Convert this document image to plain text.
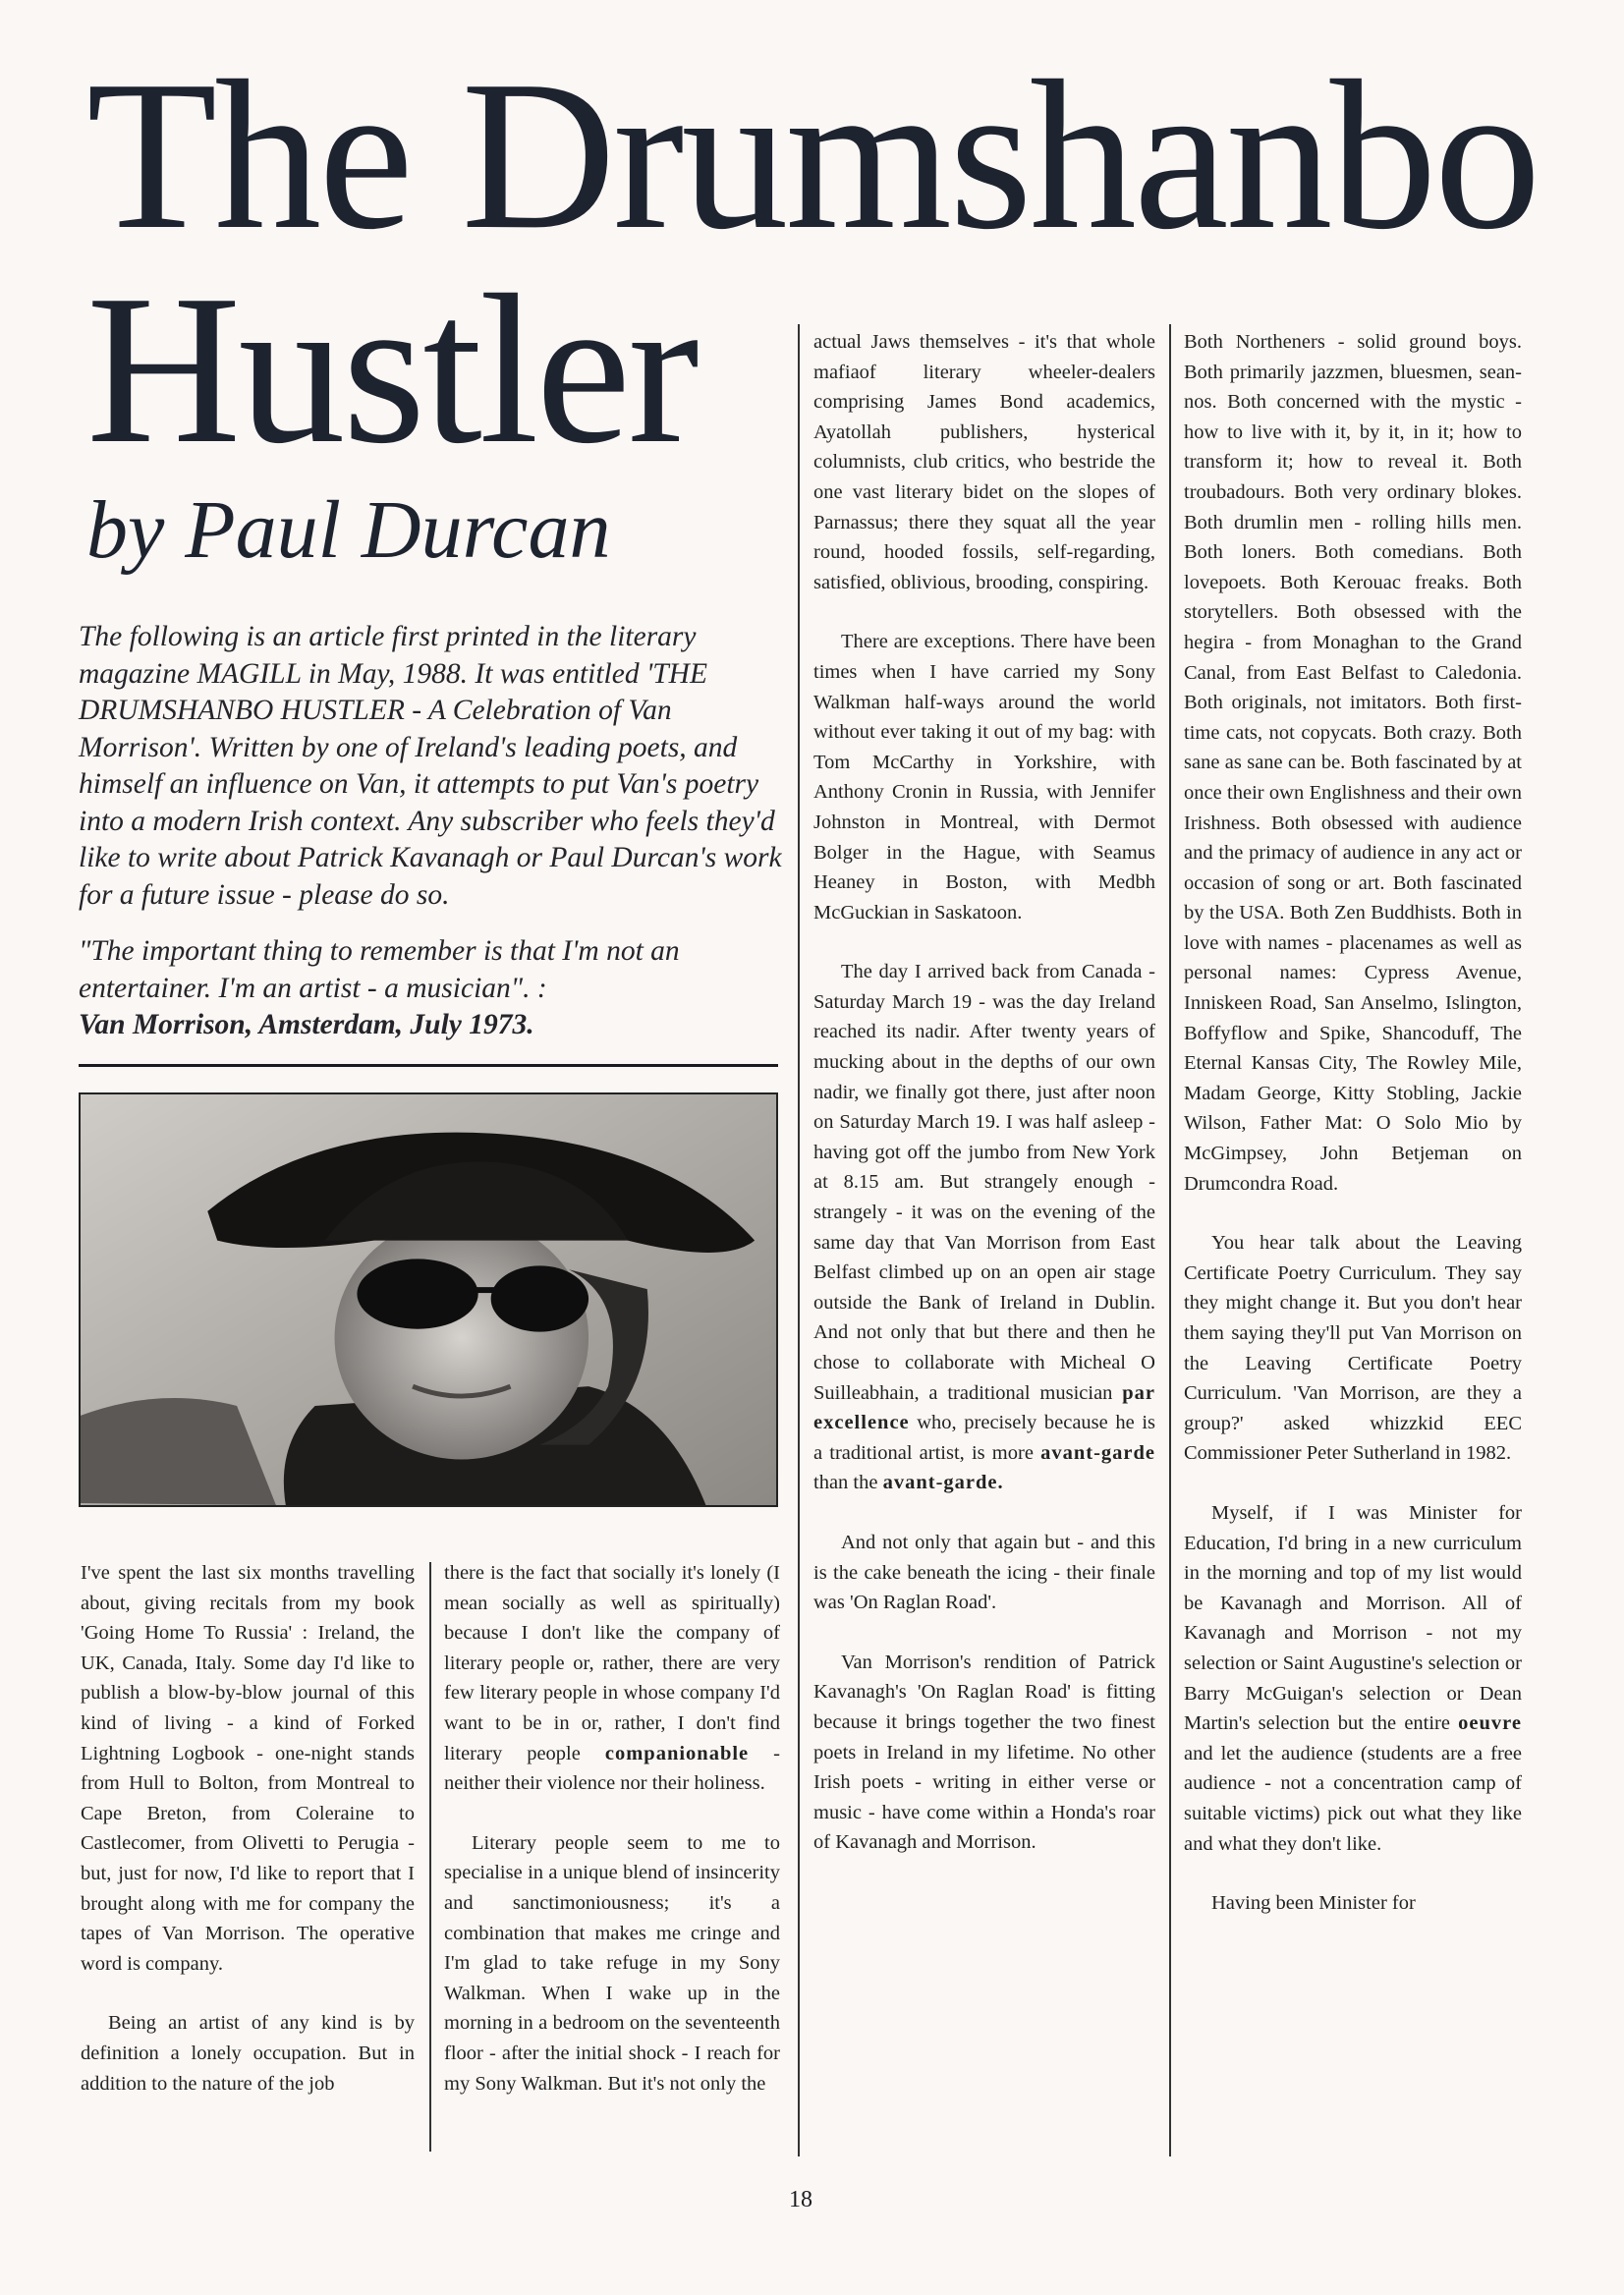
The Drumshanbo
Hustler
by Paul Durcan

The following is an article first printed in the literary magazine MAGILL in May, 1988. It was entitled 'THE DRUMSHANBO HUSTLER - A Celebration of Van Morrison'. Written by one of Ireland's leading poets, and himself an influence on Van, it attempts to put Van's poetry into a modern Irish context. Any subscriber who feels they'd like to write about Patrick Kavanagh or Paul Durcan's work for a future issue - please do so.

"The important thing to remember is that I'm not an entertainer. I'm an artist - a musician". :
Van Morrison, Amsterdam, July 1973.

I've spent the last six months travelling about, giving recitals from my book 'Going Home To Russia' : Ireland, the UK, Canada, Italy. Some day I'd like to publish a blow-by-blow journal of this kind of living - a kind of Forked Lightning Logbook - one-night stands from Hull to Bolton, from Montreal to Cape Breton, from Coleraine to Castlecomer, from Olivetti to Perugia - but, just for now, I'd like to report that I brought along with me for company the tapes of Van Morrison. The operative word is company.

Being an artist of any kind is by definition a lonely occupation. But in addition to the nature of the job

there is the fact that socially it's lonely (I mean socially as well as spiritually) because I don't like the company of literary people or, rather, there are very few literary people in whose company I'd want to be in or, rather, I don't find literary people companionable - neither their violence nor their holiness.

Literary people seem to me to specialise in a unique blend of insincerity and sanctimoniousness; it's a combination that makes me cringe and I'm glad to take refuge in my Sony Walkman. When I wake up in the morning in a bedroom on the seventeenth floor - after the initial shock - I reach for my Sony Walkman. But it's not only the

actual Jaws themselves - it's that whole mafiaof literary wheeler-dealers comprising James Bond academics, Ayatollah publishers, hysterical columnists, club critics, who bestride the one vast literary bidet on the slopes of Parnassus; there they squat all the year round, hooded fossils, self-regarding, satisfied, oblivious, brooding, conspiring.

There are exceptions. There have been times when I have carried my Sony Walkman half-ways around the world without ever taking it out of my bag: with Tom McCarthy in Yorkshire, with Anthony Cronin in Russia, with Jennifer Johnston in Montreal, with Dermot Bolger in the Hague, with Seamus Heaney in Boston, with Medbh McGuckian in Saskatoon.

The day I arrived back from Canada - Saturday March 19 - was the day Ireland reached its nadir. After twenty years of mucking about in the depths of our own nadir, we finally got there, just after noon on Saturday March 19. I was half asleep - having got off the jumbo from New York at 8.15 am. But strangely enough - strangely - it was on the evening of the same day that Van Morrison from East Belfast climbed up on an open air stage outside the Bank of Ireland in Dublin. And not only that but there and then he chose to collaborate with Micheal O Suilleabhain, a traditional musician par excellence who, precisely because he is a traditional artist, is more avant-garde than the avant-garde.

And not only that again but - and this is the cake beneath the icing - their finale was 'On Raglan Road'.

Van Morrison's rendition of Patrick Kavanagh's 'On Raglan Road' is fitting because it brings together the two finest poets in Ireland in my lifetime. No other Irish poets - writing in either verse or music - have come within a Honda's roar of Kavanagh and Morrison.

Both Northeners - solid ground boys. Both primarily jazzmen, bluesmen, sean-nos. Both concerned with the mystic - how to live with it, by it, in it; how to transform it; how to reveal it. Both troubadours. Both very ordinary blokes. Both drumlin men - rolling hills men. Both loners. Both comedians. Both lovepoets. Both Kerouac freaks. Both storytellers. Both obsessed with the hegira - from Monaghan to the Grand Canal, from East Belfast to Caledonia. Both originals, not imitators. Both first-time cats, not copycats. Both crazy. Both sane as sane can be. Both fascinated by at once their own Englishness and their own Irishness. Both obsessed with audience and the primacy of audience in any act or occasion of song or art. Both fascinated by the USA. Both Zen Buddhists. Both in love with names - placenames as well as personal names: Cypress Avenue, Inniskeen Road, San Anselmo, Islington, Boffyflow and Spike, Shancoduff, The Eternal Kansas City, The Rowley Mile, Madam George, Kitty Stobling, Jackie Wilson, Father Mat: O Solo Mio by McGimpsey, John Betjeman on Drumcondra Road.

You hear talk about the Leaving Certificate Poetry Curriculum. They say they might change it. But you don't hear them saying they'll put Van Morrison on the Leaving Certificate Poetry Curriculum. 'Van Morrison, are they a group?' asked whizzkid EEC Commissioner Peter Sutherland in 1982.

Myself, if I was Minister for Education, I'd bring in a new curriculum in the morning and top of my list would be Kavanagh and Morrison. All of Kavanagh and Morrison - not my selection or Saint Augustine's selection or Barry McGuigan's selection or Dean Martin's selection but the entire oeuvre and let the audience (students are a free audience - not a concentration camp of suitable victims) pick out what they like and what they don't like.

Having been Minister for

18
